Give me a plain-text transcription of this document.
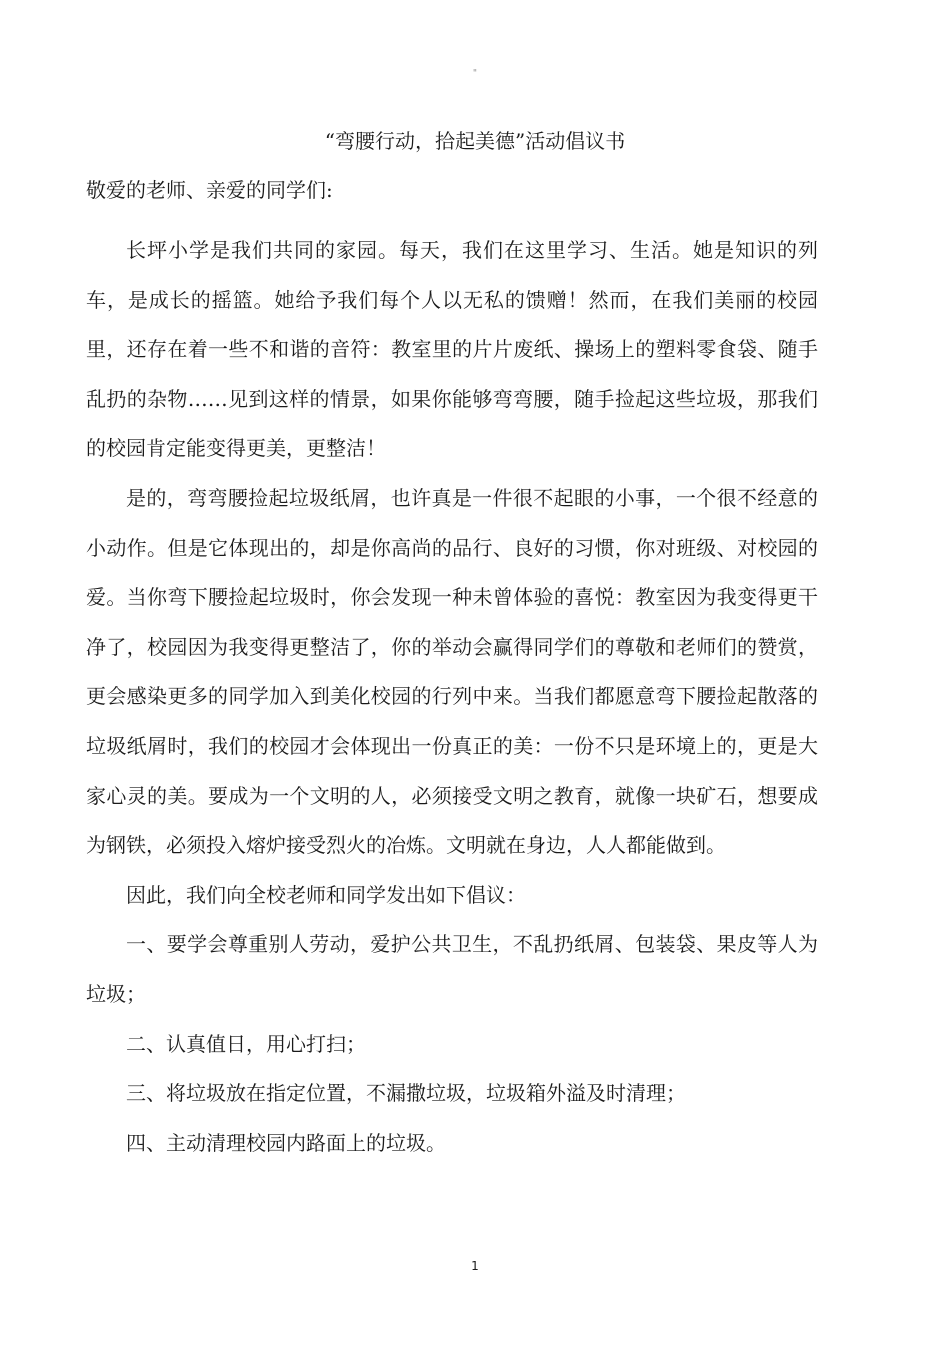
"
“弯腰行动，拾起美德”活动倡议书

敬爱的老师、亲爱的同学们:

长坪小学是我们共同的家园。每天，我们在这里学习、生活。她是知识的列车，是成长的摇篮。她给予我们每个人以无私的馈赠！然而，在我们美丽的校园里，还存在着一些不和谐的音符：教室里的片片废纸、操场上的塑料零食袋、随手乱扔的杂物……见到这样的情景，如果你能够弯弯腰，随手捡起这些垃圾，那我们的校园肯定能变得更美，更整洁！

是的，弯弯腰捡起垃圾纸屑，也许真是一件很不起眼的小事，一个很不经意的小动作。但是它体现出的，却是你高尚的品行、良好的习惯，你对班级、对校园的爱。当你弯下腰捡起垃圾时，你会发现一种未曾体验的喜悦：教室因为我变得更干净了，校园因为我变得更整洁了，你的举动会赢得同学们的尊敬和老师们的赞赏，更会感染更多的同学加入到美化校园的行列中来。当我们都愿意弯下腰捡起散落的垃圾纸屑时，我们的校园才会体现出一份真正的美：一份不只是环境上的，更是大家心灵的美。要成为一个文明的人，必须接受文明之教育，就像一块矿石，想要成为钢铁，必须投入熔炉接受烈火的冶炼。文明就在身边，人人都能做到。

因此，我们向全校老师和同学发出如下倡议：

一、要学会尊重别人劳动，爱护公共卫生，不乱扔纸屑、包装袋、果皮等人为垃圾；

二、认真值日，用心打扫；

三、将垃圾放在指定位置，不漏撒垃圾，垃圾箱外溢及时清理；

四、主动清理校园内路面上的垃圾。

1
